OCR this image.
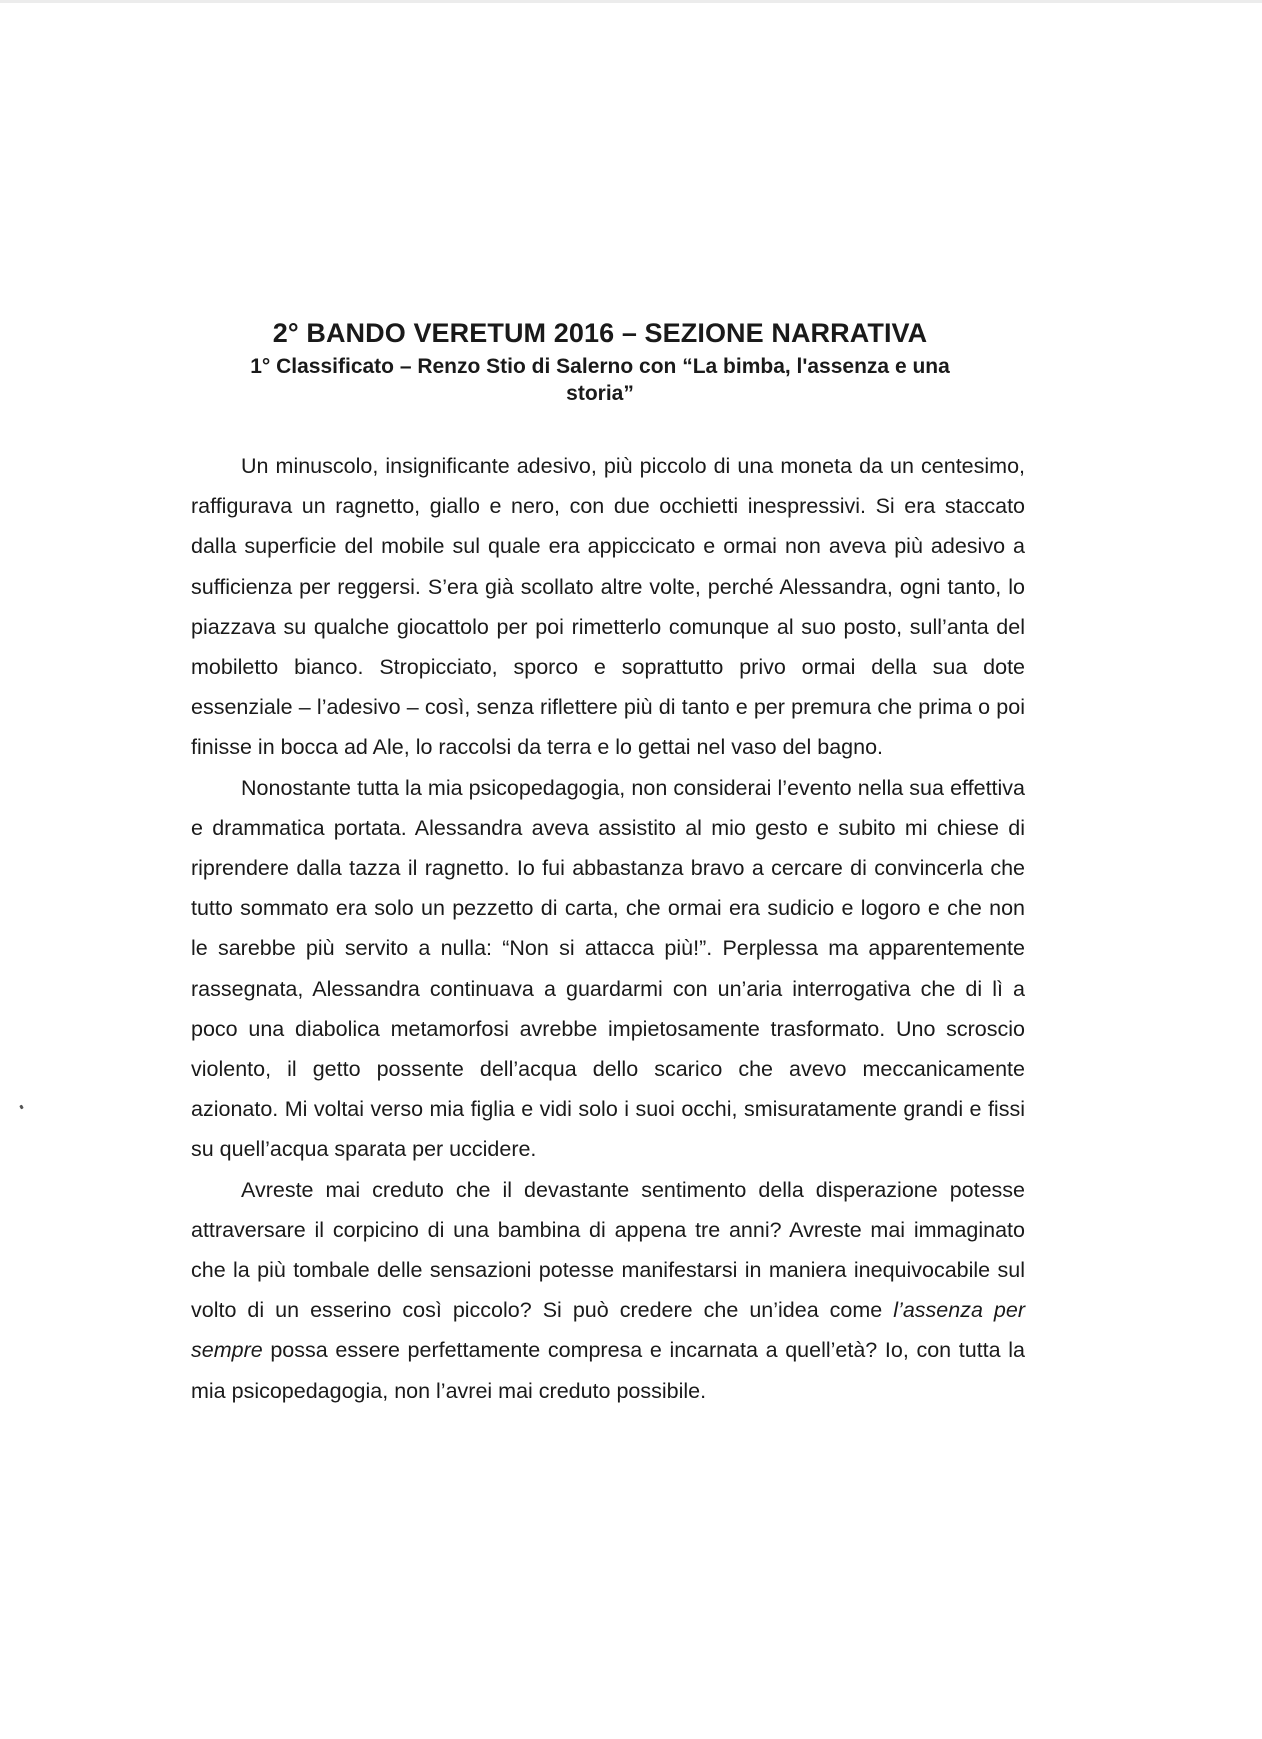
2° BANDO VERETUM 2016 – SEZIONE NARRATIVA
1° Classificato – Renzo Stio di Salerno con “La bimba, l'assenza e una storia”

Un minuscolo, insignificante adesivo, più piccolo di una moneta da un centesimo, raffigurava un ragnetto, giallo e nero, con due occhietti inespressivi. Si era staccato dalla superficie del mobile sul quale era appiccicato e ormai non aveva più adesivo a sufficienza per reggersi. S’era già scollato altre volte, perché Alessandra, ogni tanto, lo piazzava su qualche giocattolo per poi rimetterlo comunque al suo posto, sull’anta del mobiletto bianco. Stropicciato, sporco e soprattutto privo ormai della sua dote essenziale – l’adesivo – così, senza riflettere più di tanto e per premura che prima o poi finisse in bocca ad Ale, lo raccolsi da terra e lo gettai nel vaso del bagno.

Nonostante tutta la mia psicopedagogia, non considerai l’evento nella sua effettiva e drammatica portata. Alessandra aveva assistito al mio gesto e subito mi chiese di riprendere dalla tazza il ragnetto. Io fui abbastanza bravo a cercare di convincerla che tutto sommato era solo un pezzetto di carta, che ormai era sudicio e logoro e che non le sarebbe più servito a nulla: “Non si attacca più!”. Perplessa ma apparentemente rassegnata, Alessandra continuava a guardarmi con un’aria interrogativa che di lì a poco una diabolica metamorfosi avrebbe impietosamente trasformato. Uno scroscio violento, il getto possente dell’acqua dello scarico che avevo meccanicamente azionato. Mi voltai verso mia figlia e vidi solo i suoi occhi, smisuratamente grandi e fissi su quell’acqua sparata per uccidere.

Avreste mai creduto che il devastante sentimento della disperazione potesse attraversare il corpicino di una bambina di appena tre anni? Avreste mai immaginato che la più tombale delle sensazioni potesse manifestarsi in maniera inequivocabile sul volto di un esserino così piccolo? Si può credere che un’idea come l’assenza per sempre possa essere perfettamente compresa e incarnata a quell’età? Io, con tutta la mia psicopedagogia, non l’avrei mai creduto possibile.
